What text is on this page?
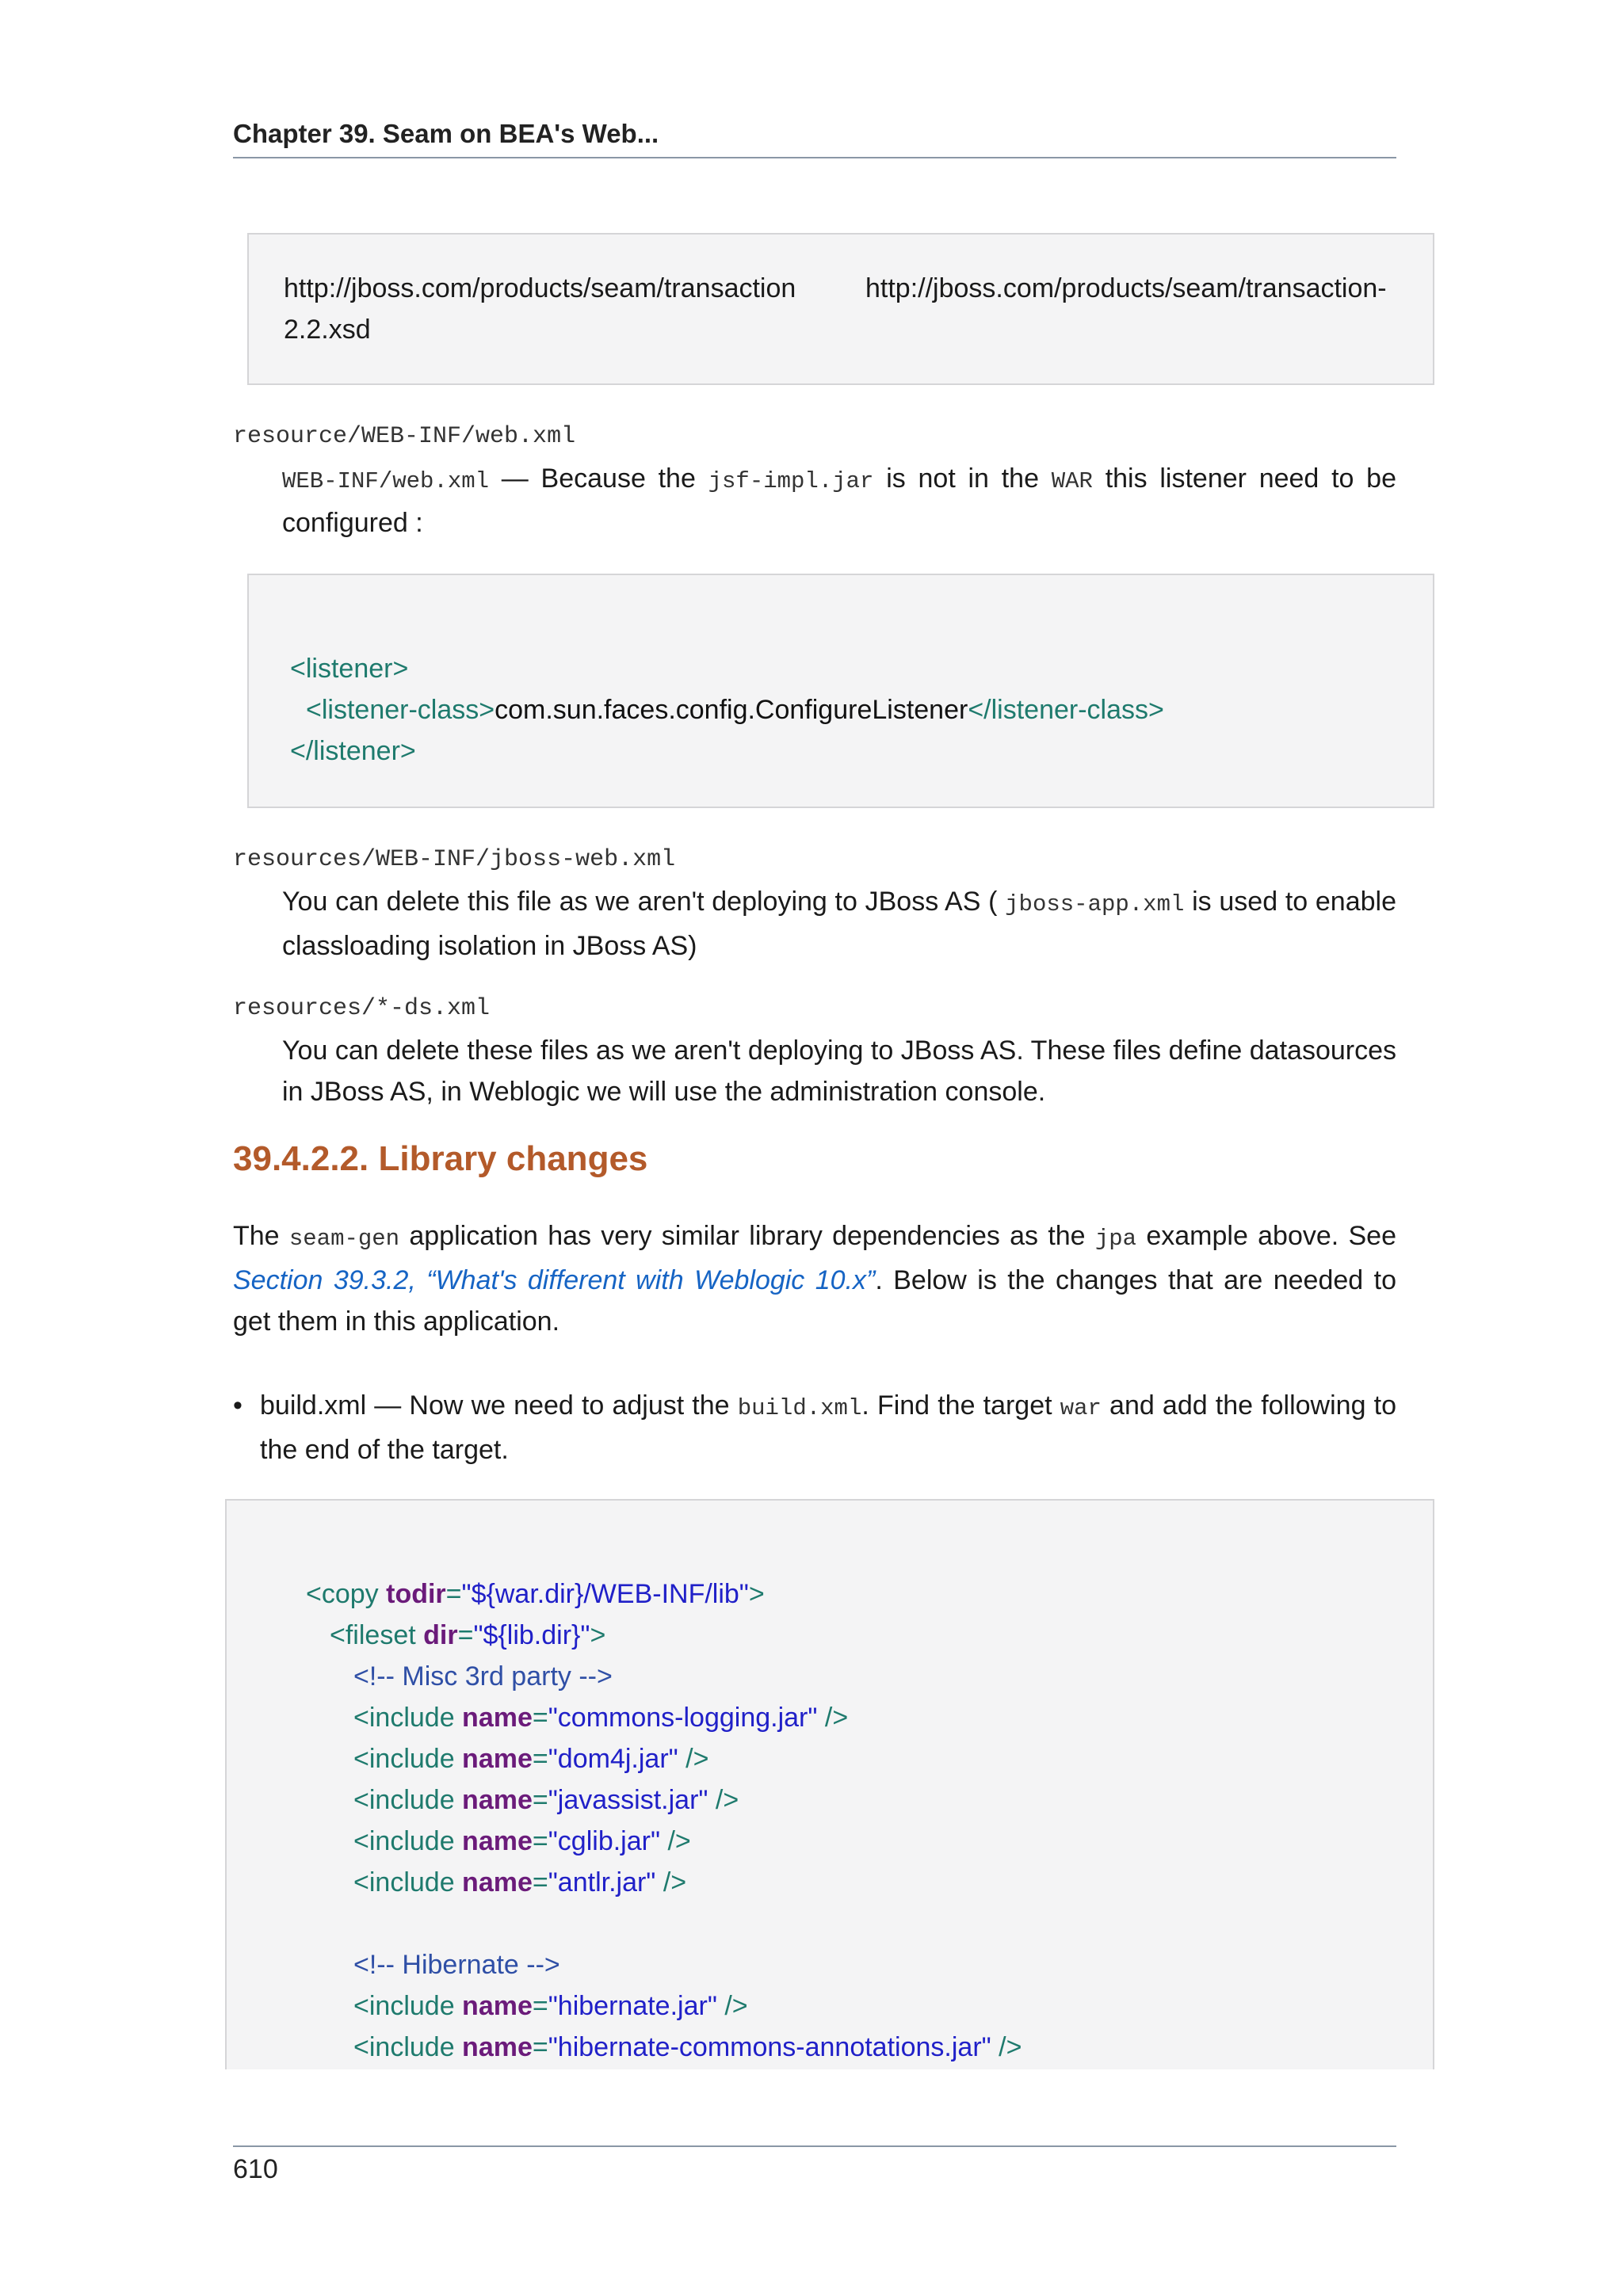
Chapter 39. Seam on BEA's Web...
http://jboss.com/products/seam/transaction	http://jboss.com/products/seam/transaction-
2.2.xsd
resource/WEB-INF/web.xml
WEB-INF/web.xml — Because the jsf-impl.jar is not in the WAR this listener need to be configured :
<listener>
<listener-class>com.sun.faces.config.ConfigureListener</listener-class>
</listener>
resources/WEB-INF/jboss-web.xml
You can delete this file as we aren't deploying to JBoss AS ( jboss-app.xml is used to enable classloading isolation in JBoss AS)
resources/*-ds.xml
You can delete these files as we aren't deploying to JBoss AS. These files define datasources in JBoss AS, in Weblogic we will use the administration console.
39.4.2.2. Library changes
The seam-gen application has very similar library dependencies as the jpa example above. See Section 39.3.2, “What's different with Weblogic 10.x”. Below is the changes that are needed to get them in this application.
• build.xml — Now we need to adjust the build.xml. Find the target war and add the following to the end of the target.
<copy todir="${war.dir}/WEB-INF/lib">
<fileset dir="${lib.dir}">
<!-- Misc 3rd party -->
<include name="commons-logging.jar" />
<include name="dom4j.jar" />
<include name="javassist.jar" />
<include name="cglib.jar" />
<include name="antlr.jar" />
<!-- Hibernate -->
<include name="hibernate.jar" />
<include name="hibernate-commons-annotations.jar" />
610
